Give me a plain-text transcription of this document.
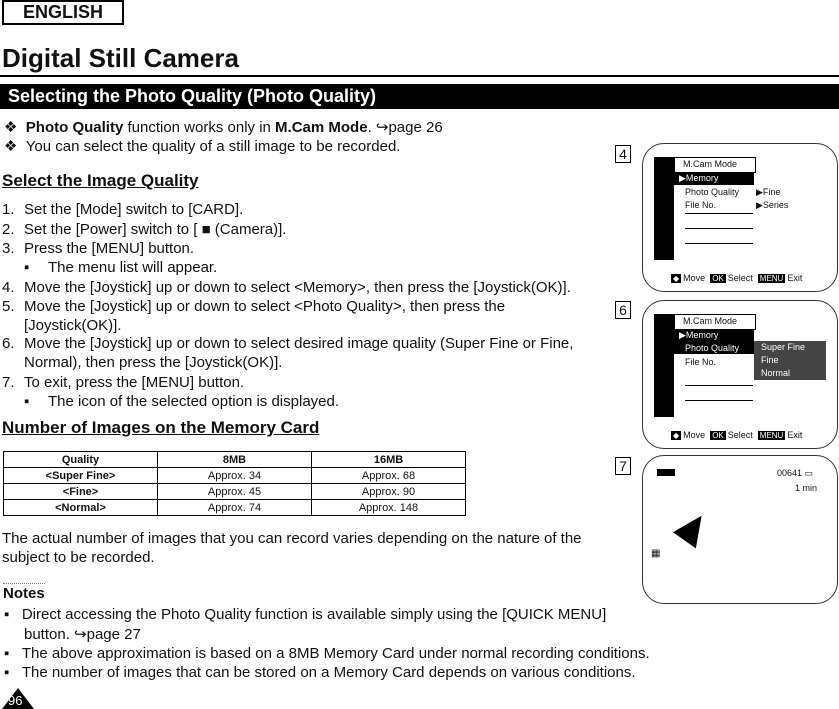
ENGLISH
Digital Still Camera
Selecting the Photo Quality (Photo Quality)
❖  Photo Quality function works only in M.Cam Mode. ↪page 26
❖  You can select the quality of a still image to be recorded.
Select the Image Quality
1. Set the [Mode] switch to [CARD].
2. Set the [Power] switch to [ ■ (Camera)].
3. Press the [MENU] button.
▪ The menu list will appear.
4. Move the [Joystick] up or down to select <Memory>, then press the [Joystick(OK)].
5. Move the [Joystick] up or down to select <Photo Quality>, then press the
[Joystick(OK)].
6. Move the [Joystick] up or down to select desired image quality (Super Fine or Fine,
Normal), then press the [Joystick(OK)].
7. To exit, press the [MENU] button.
▪ The icon of the selected option is displayed.
Number of Images on the Memory Card
Quality	8MB	16MB
<Super Fine>	Approx. 34	Approx. 68
<Fine>	Approx. 45	Approx. 90
<Normal>	Approx. 74	Approx. 148
The actual number of images that you can record varies depending on the nature of the
subject to be recorded.
Notes
▪   Direct accessing the Photo Quality function is available simply using the [QUICK MENU]
button. ↪page 27
▪   The above approximation is based on a 8MB Memory Card under normal recording conditions.
▪   The number of images that can be stored on a Memory Card depends on various conditions.
96
4
M.Cam Mode
▶Memory
Photo Quality
File No.
▶Fine
▶Series
◆ Move OK Select MENU Exit
6
M.Cam Mode
▶Memory
Photo Quality
File No.
Super Fine
Fine
Normal
◆ Move OK Select MENU Exit
7	00641 ▭
1 min
▦
